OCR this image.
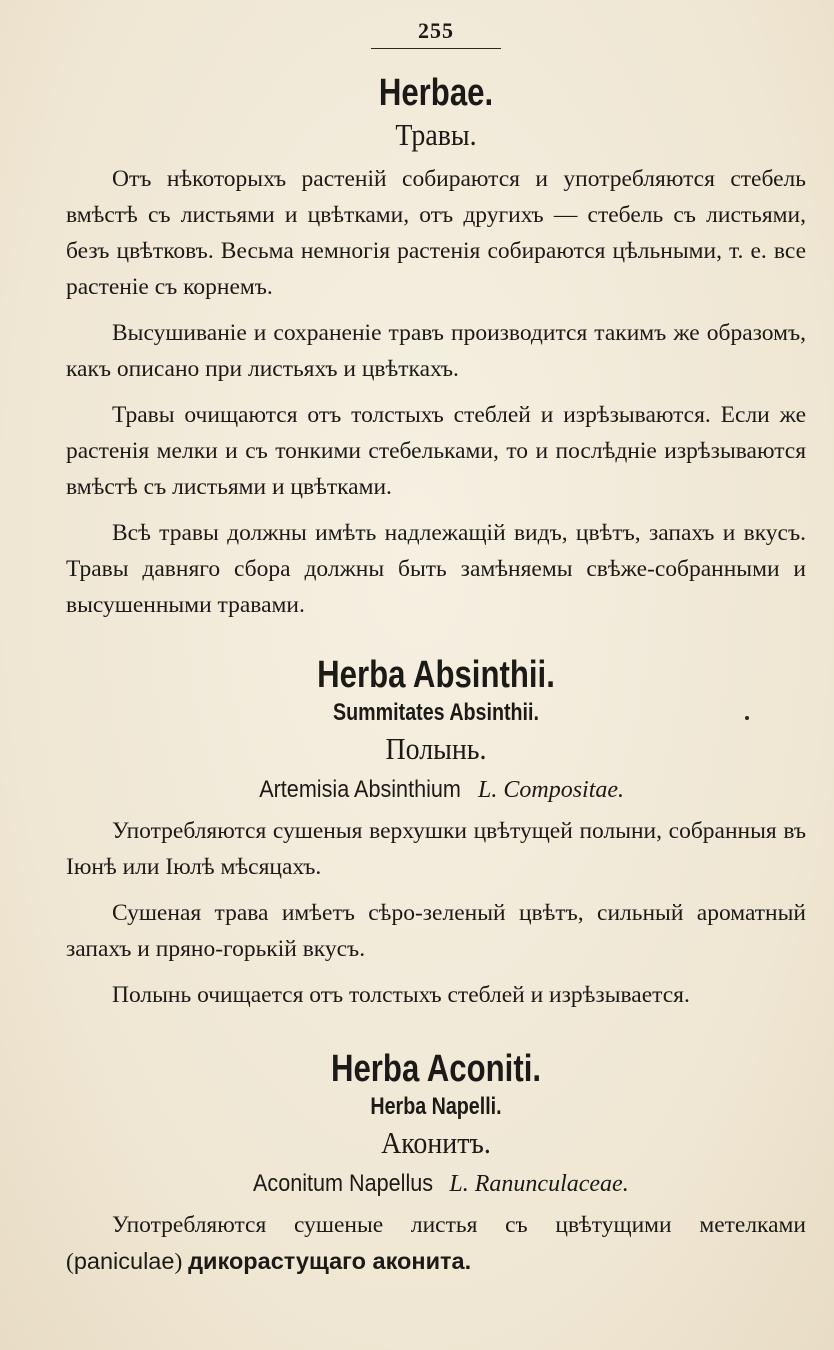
255
Herbae.
Травы.

Отъ нѣкоторыхъ растеній собираются и употребляются стебель вмѣстѣ съ листьями и цвѣтками, отъ другихъ — стебель съ листьями, безъ цвѣтковъ. Весьма немногія растенія собираются цѣльными, т. е. все растеніе съ корнемъ.

Высушиваніе и сохраненіе травъ производится такимъ же образомъ, какъ описано при листьяхъ и цвѣткахъ.

Травы очищаются отъ толстыхъ стеблей и изрѣзываются. Если же растенія мелки и съ тонкими стебельками, то и послѣдніе изрѣзываются вмѣстѣ съ листьями и цвѣтками.

Всѣ травы должны имѣть надлежащій видъ, цвѣтъ, запахъ и вкусъ. Травы давняго сбора должны быть замѣняемы свѣже-собранными и высушенными травами.

Herba Absinthii.
Summitates Absinthii.
Полынь.
Artemisia Absinthium L. Compositae.

Употребляются сушеныя верхушки цвѣтущей полыни, собранныя въ Іюнѣ или Іюлѣ мѣсяцахъ.

Сушеная трава имѣетъ сѣро-зеленый цвѣтъ, сильный ароматный запахъ и пряно-горькій вкусъ.

Полынь очищается отъ толстыхъ стеблей и изрѣзывается.

Herba Aconiti.
Herba Napelli.
Аконитъ.
Aconitum Napellus L. Ranunculaceae.

Употребляются сушеные листья съ цвѣтущими метелками (paniculae) дикорастущаго аконита.
